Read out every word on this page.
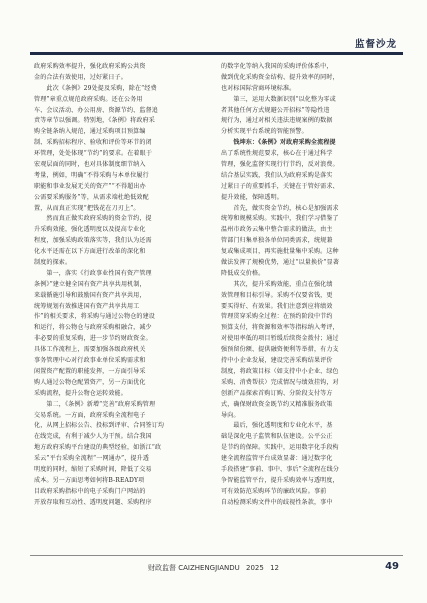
监督沙龙
政府采购效率提升，强化政府采购公共资
金的合法有效使用，过好紧日子。
　　此次《条例》29处提及采购，除在“经费
管理”章重点规范政府采购。还在公务用
车、会议活动、办公用房、资源节约、监督追
责等章节以强调。特别地，《条例》将政府采
购全链条纳入规范，通过采购项目预算编
制、采购招标程序、验收和评价等环节的闭
环管理，处处体现“节约”的要求。在着眼于
宏观层面的同时，也对具体制度细节纳入
考量，例如，明确“不得采购与本单位履行
职能和事业发展无关的资产”“不得超出办
公需要采购服务”等，从需求端杜绝低效配
置，从而真正实现“把钱花在刀刃上”。
　　然而真正做实政府采购的资金节约，提
升采购效能，强化透明度以及提高专业化
程度，加强采购政策落实等，我们认为还需
化水平还需在以下方面进行改革的深化和
制度的探索。
　　第一，落实《行政事业性国有资产管理
条例》”建立健全国有资产共享共用机制，
来载循施引导和鼓励国有资产共享共用，
统筹规划有效推进国有资产共享共用工
作”的相关要求，将采购与通过公物仓的建设
和运行，将公物仓与政府采购相融合，减少
非必要的重复采购，进一步节约财政资金。
具体工作流程上，需要加强各级政府机关
事务管理中心对行政事业单位采购需求和
闲置资产配置的职能发挥，一方面引导采
购人通过公物仓配置资产，另一方面优化
采购流程，提升公物仓运转效能。
　　第二，《条例》新增“完善”政府采购管理
交易系统。一方面，政府采购全流程电子
化，从网上招标公告、投标到评审、合同签订均
在线完成，有利于减少人为干预。结合我国
地方政府采购平台建设的典型经验，如浙江“政
采云”平台采购全流程“一网通办”，提升透
明度的同时，缩短了采购时间，降低了交易
成本。另一方面思考如何将B-READY项
目政府采购指标中的电子采购门户网站的
开放存取和互动性、透明度问题、采购程序
的数字化等纳入我国的采购评价体系中，
做到优化采购资金结构、提升效率的同时，
也对标国际营商环境标准。
　　第三，运用大数据识别“以化整为零或
者其他任何方式规避公开招标”等隐性违
规行为，通过对相关违法违规案例的数据
分析实现平台系统的智能预警。
　　钱坤东：《条例》对政府采购全流程提
出了系统性规范要求，核心在于通过科学
管理，强化监督实现行行节约，反对浪费。
结合基层实践，我们认为政府采购是落实
过紧日子的重要抓手，关键在于管好需求、
提升效能，保障透明。
　　首先，做实资金节约，核心是加强需求
统筹和规模采购。实践中，我们学习借鉴了
温州市政务云集中整合需求的做法，由主
管部门归集单独各单位同类需求，统规兼
复或集成项目，再实施批量集中采购。这种
做法发挥了规模优势，通过“以量换价”显著
降低成交价格。
　　其次，提升采购效能，重点在强化绩
效管理和目标引导。采购不仅要省钱，更
要买得好、有效果。我们注意到应将绩效
管理贯穿采购全过程：在预约阶段中节约
预算支付，将资源和效率等指标纳入考评，
对使用率低的项目暂缓后续资金拨付；通过
强预留份额、提供融资便利等举措，有力支
持中小企业发展，建设完善采购结果评价
制度，将政策目标（如支持中小企业、绿色
采购、消费帮扶）完成情况与绩效挂钩，对
创新产品探索首购订购、分阶段支付等方
式，确保财政资金既节约又精准服务政策
导向。
　　最后，强化透明度和专业化水平，基
础是深化电子监管和队伍建设。公平公正
是节约的保障。实践中，运用数字化手段构
建全流程监管平台成效显著：通过数字化
手段搭建“事前、事中、事后”全流程在线分
争智能监管平台，提升采购效率与透明度，
可有效防范采购环节的廉政风险。事前
自动检测采购文件中的歧视性条款，事中
财政监督 CAIZHENGJIANDU 2025 12	49
